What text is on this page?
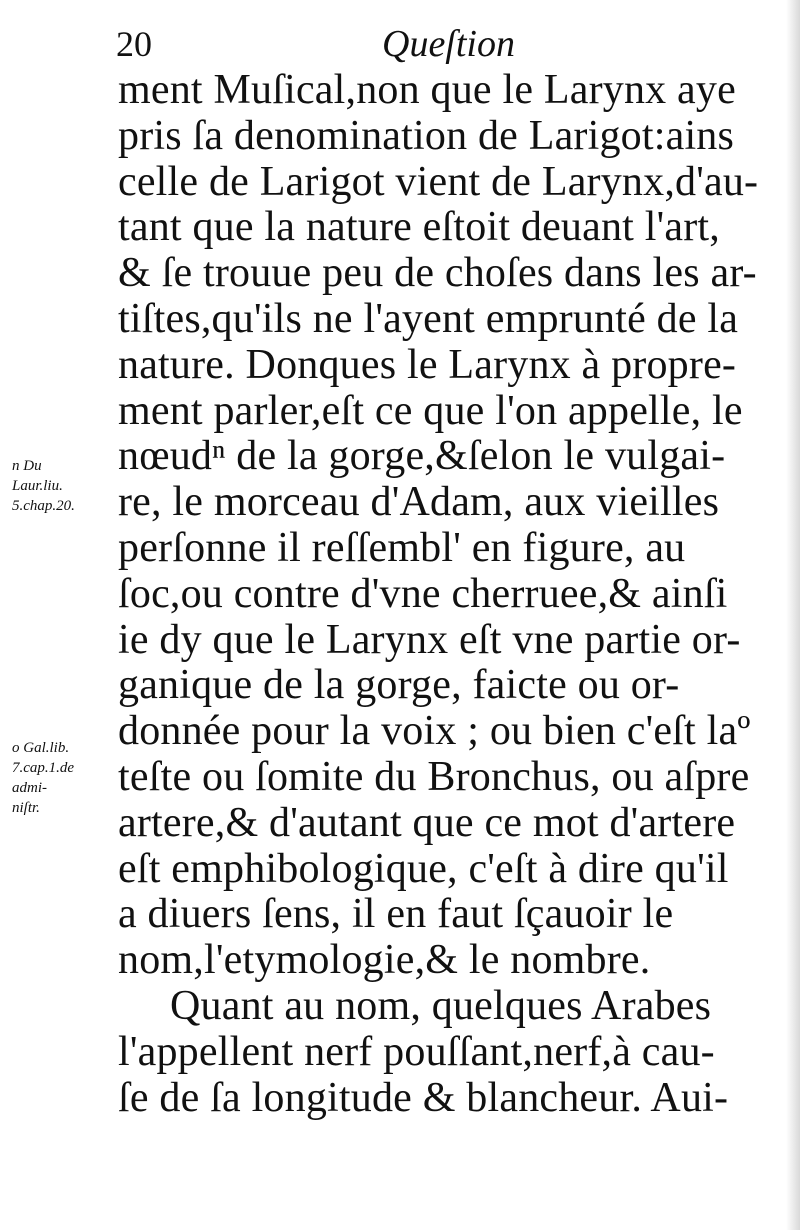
20	Queſtion
ment Muſical,non que le Larynx aye
pris ſa denomination de Larigot:ains
celle de Larigot vient de Larynx,d'au-
tant que la nature eſtoit deuant l'art,
& ſe trouue peu de choſes dans les ar-
tiſtes,qu'ils ne l'ayent emprunté de la
nature. Donques le Larynx à propre-
ment parler,eſt ce que l'on appelle, le
nœudⁿ de la gorge,&ſelon le vulgai-
re, le morceau d'Adam, aux vieilles
perſonne il reſſembl' en figure, au
ſoc,ou contre d'vne cherruee,& ainſi
ie dy que le Larynx eſt vne partie or-
ganique de la gorge, faicte ou or-
donnée pour la voix ; ou bien c'eſt laº
teſte ou ſomite du Bronchus, ou aſpre
artere,& d'autant que ce mot d'artere
eſt emphibologique, c'eſt à dire qu'il
a diuers ſens, il en faut ſçauoir le
nom,l'etymologie,& le nombre.
Quant au nom, quelques Arabes
l'appellent nerf pouſſant,nerf,à cau-
ſe de ſa longitude & blancheur. Aui-
n Du
Laur.liu.
5.chap.20.
o Gal.lib.
7.cap.1.de
admi-
niſtr.
